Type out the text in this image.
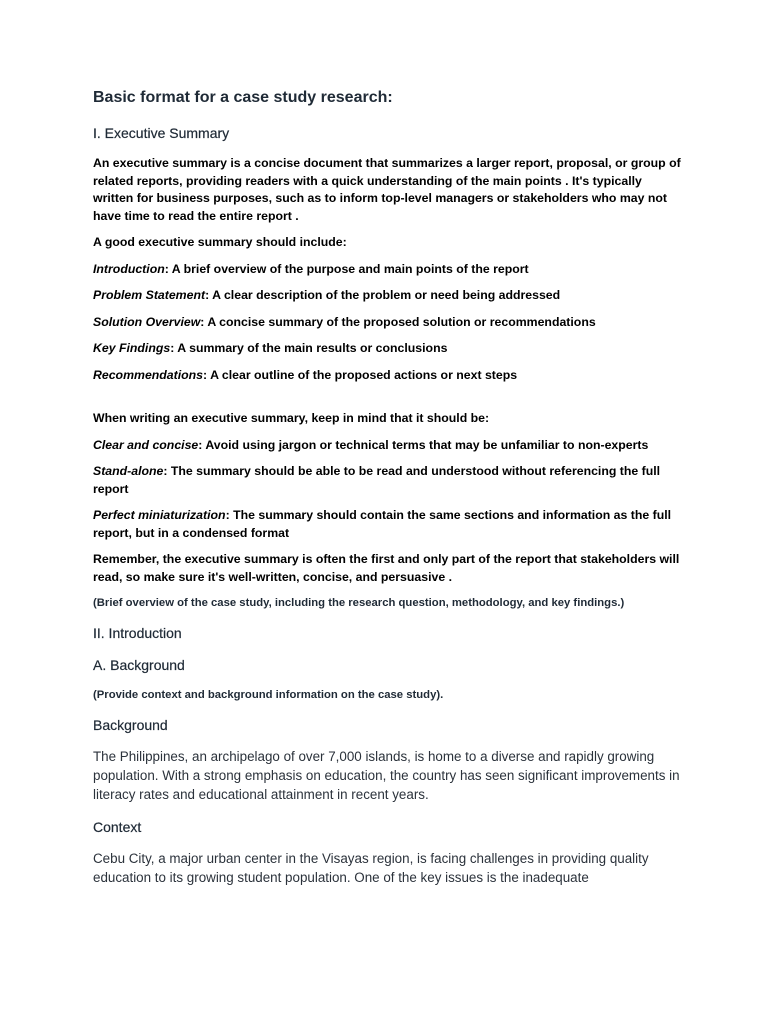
Basic format for a case study research:
I. Executive Summary

An executive summary is a concise document that summarizes a larger report, proposal, or group of related reports, providing readers with a quick understanding of the main points . It's typically written for business purposes, such as to inform top-level managers or stakeholders who may not have time to read the entire report .

A good executive summary should include:

Introduction: A brief overview of the purpose and main points of the report

Problem Statement: A clear description of the problem or need being addressed

Solution Overview: A concise summary of the proposed solution or recommendations

Key Findings: A summary of the main results or conclusions

Recommendations: A clear outline of the proposed actions or next steps

When writing an executive summary, keep in mind that it should be:

Clear and concise: Avoid using jargon or technical terms that may be unfamiliar to non-experts

Stand-alone: The summary should be able to be read and understood without referencing the full report

Perfect miniaturization: The summary should contain the same sections and information as the full report, but in a condensed format

Remember, the executive summary is often the first and only part of the report that stakeholders will read, so make sure it's well-written, concise, and persuasive .

(Brief overview of the case study, including the research question, methodology, and key findings.)

II. Introduction
A. Background

(Provide context and background information on the case study).

Background

The Philippines, an archipelago of over 7,000 islands, is home to a diverse and rapidly growing population. With a strong emphasis on education, the country has seen significant improvements in literacy rates and educational attainment in recent years.

Context

Cebu City, a major urban center in the Visayas region, is facing challenges in providing quality education to its growing student population. One of the key issues is the inadequate
